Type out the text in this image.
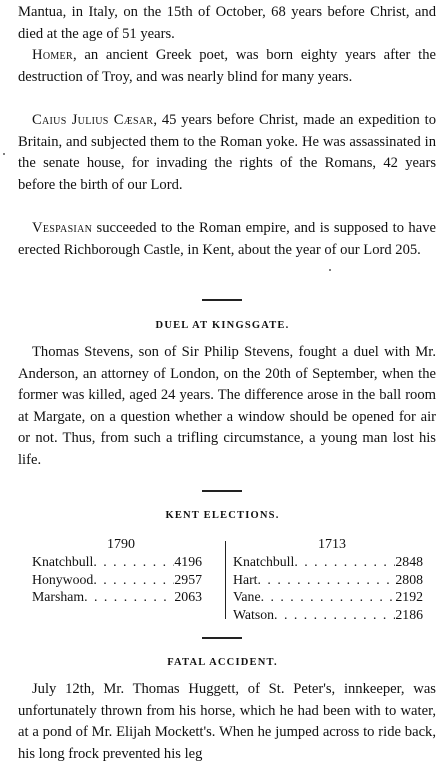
Mantua, in Italy, on the 15th of October, 68 years before Christ, and died at the age of 51 years.

Homer, an ancient Greek poet, was born eighty years after the destruction of Troy, and was nearly blind for many years.

Caius Julius Cæsar, 45 years before Christ, made an expedition to Britain, and subjected them to the Roman yoke. He was assassinated in the senate house, for invading the rights of the Romans, 42 years before the birth of our Lord.

Vespasian succeeded to the Roman empire, and is supposed to have erected Richborough Castle, in Kent, about the year of our Lord 205.

DUEL AT KINGSGATE.

Thomas Stevens, son of Sir Philip Stevens, fought a duel with Mr. Anderson, an attorney of London, on the 20th of September, when the former was killed, aged 24 years. The difference arose in the ball room at Margate, on a question whether a window should be opened for air or not. Thus, from such a trifling circumstance, a young man lost his life.

KENT ELECTIONS.

1790
Knatchbull . . .	4196
Honywood . . .	2957
Marsham . . .	2063
1713
Knatchbull . . .	2848
Hart . . .	2808
Vane . . .	2192
Watson . . .	2186

FATAL ACCIDENT.

July 12th, Mr. Thomas Huggett, of St. Peter's, innkeeper, was unfortunately thrown from his horse, which he had been with to water, at a pond of Mr. Elijah Mockett's. When he jumped across to ride back, his long frock prevented his leg
